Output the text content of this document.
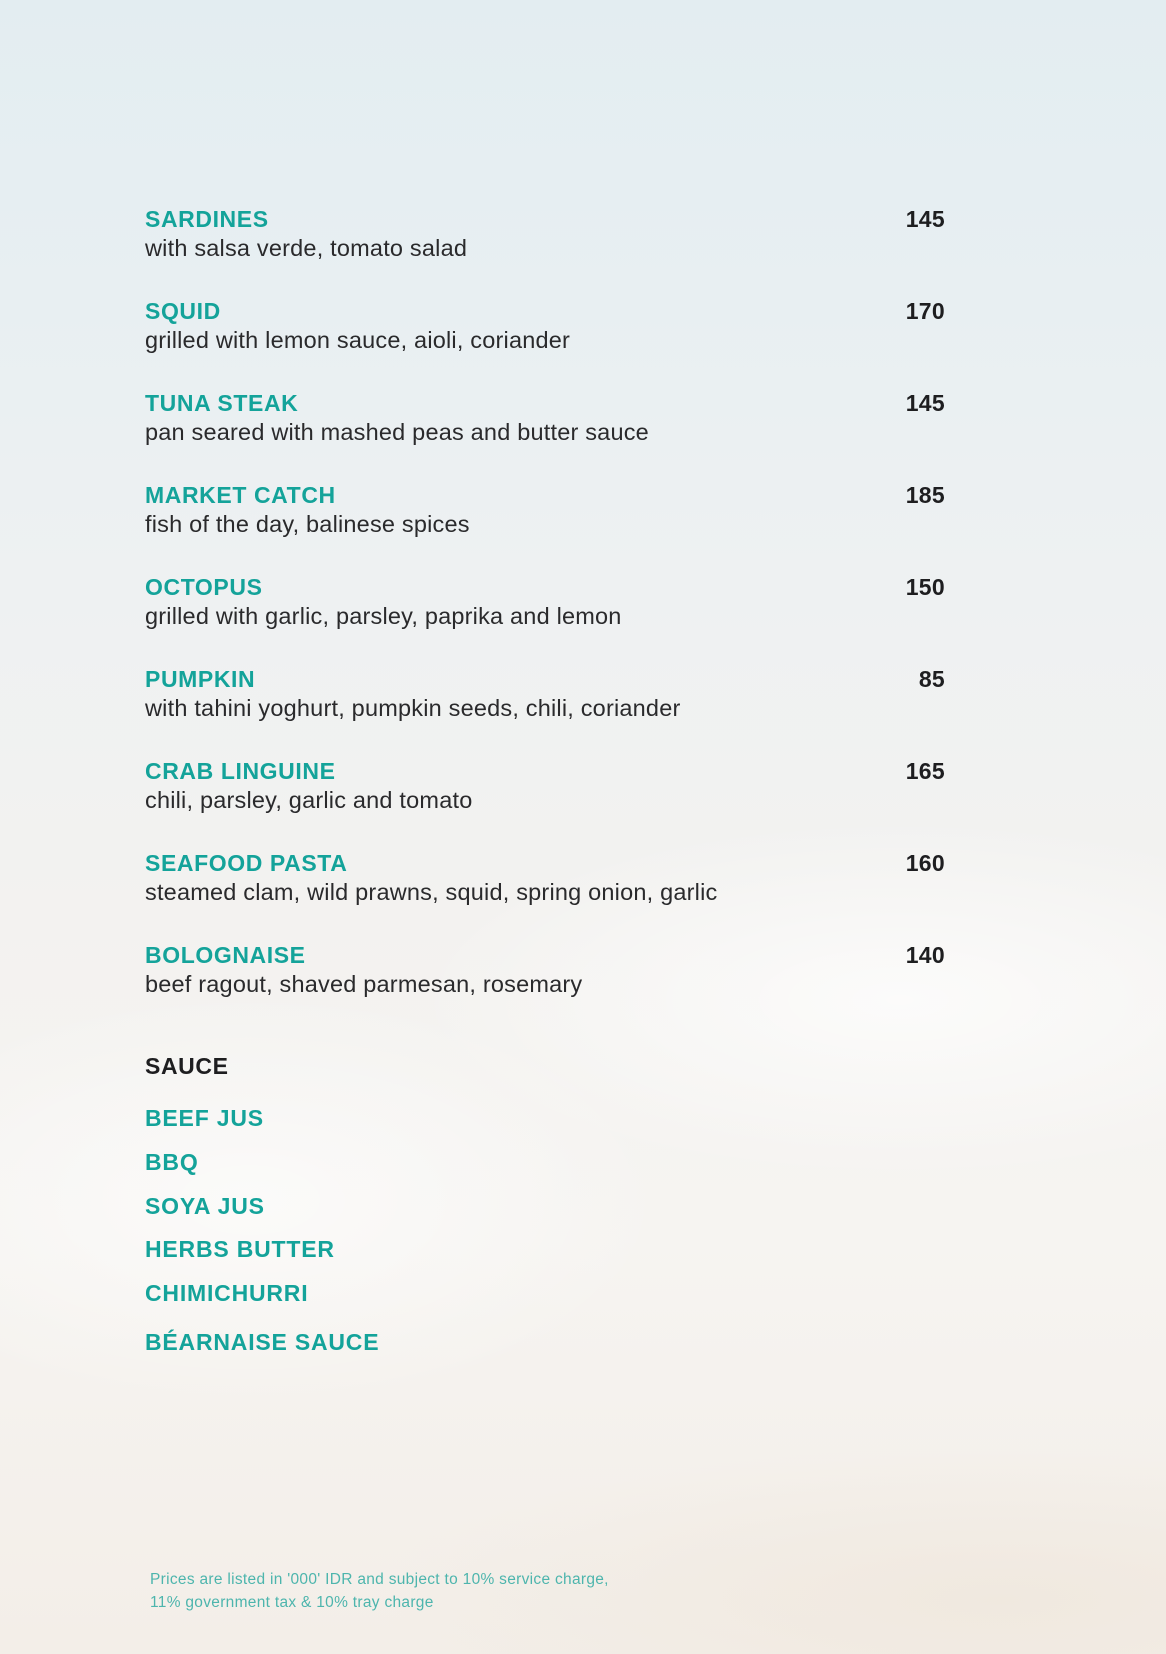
SARDINES
with salsa verde, tomato salad
145
SQUID
grilled with lemon sauce, aioli, coriander
170
TUNA STEAK
pan seared with mashed peas and butter sauce
145
MARKET CATCH
fish of the day, balinese spices
185
OCTOPUS
grilled with garlic, parsley, paprika and lemon
150
PUMPKIN
with tahini yoghurt, pumpkin seeds, chili, coriander
85
CRAB LINGUINE
chili, parsley, garlic and tomato
165
SEAFOOD PASTA
steamed clam, wild prawns, squid, spring onion, garlic
160
BOLOGNAISE
beef ragout, shaved parmesan, rosemary
140
SAUCE
BEEF JUS
BBQ
SOYA JUS
HERBS BUTTER
CHIMICHURRI
BÉARNAISE SAUCE
Prices are listed in '000' IDR and subject to 10% service charge,
11% government tax & 10% tray charge
